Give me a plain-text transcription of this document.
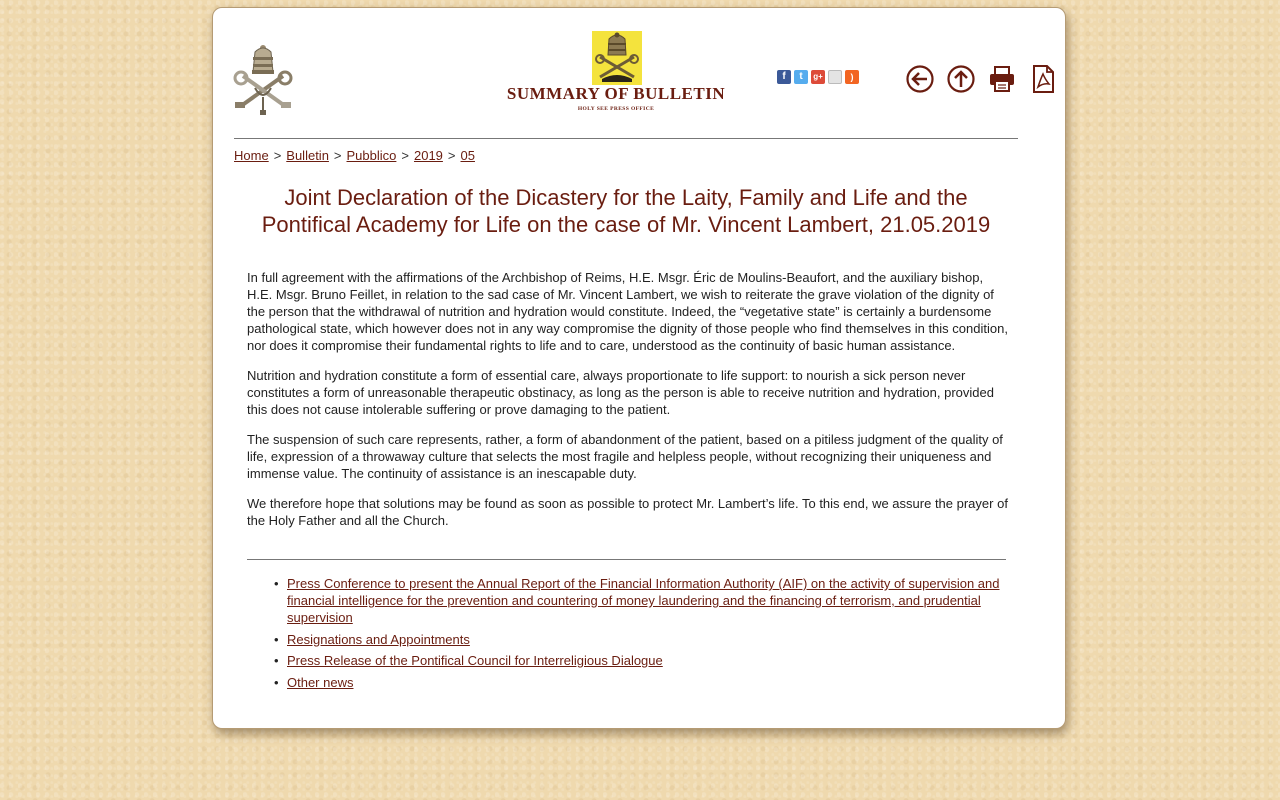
SUMMARY OF BULLETIN
HOLY SEE PRESS OFFICE
f	t	g+	)
Home > Bulletin > Pubblico > 2019 > 05
Joint Declaration of the Dicastery for the Laity, Family and Life and the Pontifical Academy for Life on the case of Mr. Vincent Lambert, 21.05.2019

In full agreement with the affirmations of the Archbishop of Reims, H.E. Msgr. Éric de Moulins-Beaufort, and the auxiliary bishop, H.E. Msgr. Bruno Feillet, in relation to the sad case of Mr. Vincent Lambert, we wish to reiterate the grave violation of the dignity of the person that the withdrawal of nutrition and hydration would constitute. Indeed, the “vegetative state” is certainly a burdensome pathological state, which however does not in any way compromise the dignity of those people who find themselves in this condition, nor does it compromise their fundamental rights to life and to care, understood as the continuity of basic human assistance.

Nutrition and hydration constitute a form of essential care, always proportionate to life support: to nourish a sick person never constitutes a form of unreasonable therapeutic obstinacy, as long as the person is able to receive nutrition and hydration, provided this does not cause intolerable suffering or prove damaging to the patient.

The suspension of such care represents, rather, a form of abandonment of the patient, based on a pitiless judgment of the quality of life, expression of a throwaway culture that selects the most fragile and helpless people, without recognizing their uniqueness and immense value. The continuity of assistance is an inescapable duty.

We therefore hope that solutions may be found as soon as possible to protect Mr. Lambert’s life. To this end, we assure the prayer of the Holy Father and all the Church.

• Press Conference to present the Annual Report of the Financial Information Authority (AIF) on the activity of supervision and financial intelligence for the prevention and countering of money laundering and the financing of terrorism, and prudential supervision
• Resignations and Appointments
• Press Release of the Pontifical Council for Interreligious Dialogue
• Other news
